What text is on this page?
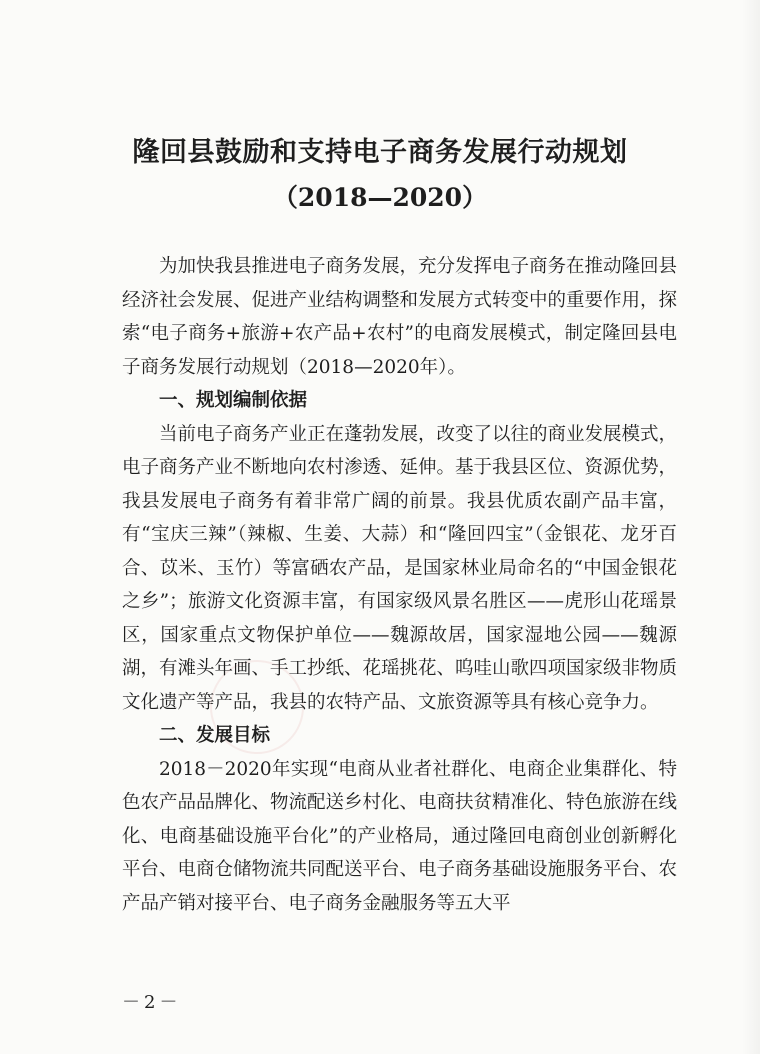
隆回县鼓励和支持电子商务发展行动规划
（2018—2020）

为加快我县推进电子商务发展，充分发挥电子商务在推动隆回县经济社会发展、促进产业结构调整和发展方式转变中的重要作用，探索“电子商务+旅游+农产品+农村”的电商发展模式，制定隆回县电子商务发展行动规划（2018—2020年）。

一、规划编制依据

当前电子商务产业正在蓬勃发展，改变了以往的商业发展模式，电子商务产业不断地向农村渗透、延伸。基于我县区位、资源优势，我县发展电子商务有着非常广阔的前景。我县优质农副产品丰富，有“宝庆三辣”（辣椒、生姜、大蒜）和“隆回四宝”（金银花、龙牙百合、苡米、玉竹）等富硒农产品，是国家林业局命名的“中国金银花之乡”；旅游文化资源丰富，有国家级风景名胜区——虎形山花瑶景区，国家重点文物保护单位——魏源故居，国家湿地公园——魏源湖，有滩头年画、手工抄纸、花瑶挑花、呜哇山歌四项国家级非物质文化遗产等产品，我县的农特产品、文旅资源等具有核心竞争力。

二、发展目标

2018－2020年实现“电商从业者社群化、电商企业集群化、特色农产品品牌化、物流配送乡村化、电商扶贫精准化、特色旅游在线化、电商基础设施平台化”的产业格局，通过隆回电商创业创新孵化平台、电商仓储物流共同配送平台、电子商务基础设施服务平台、农产品产销对接平台、电子商务金融服务等五大平

－2－
